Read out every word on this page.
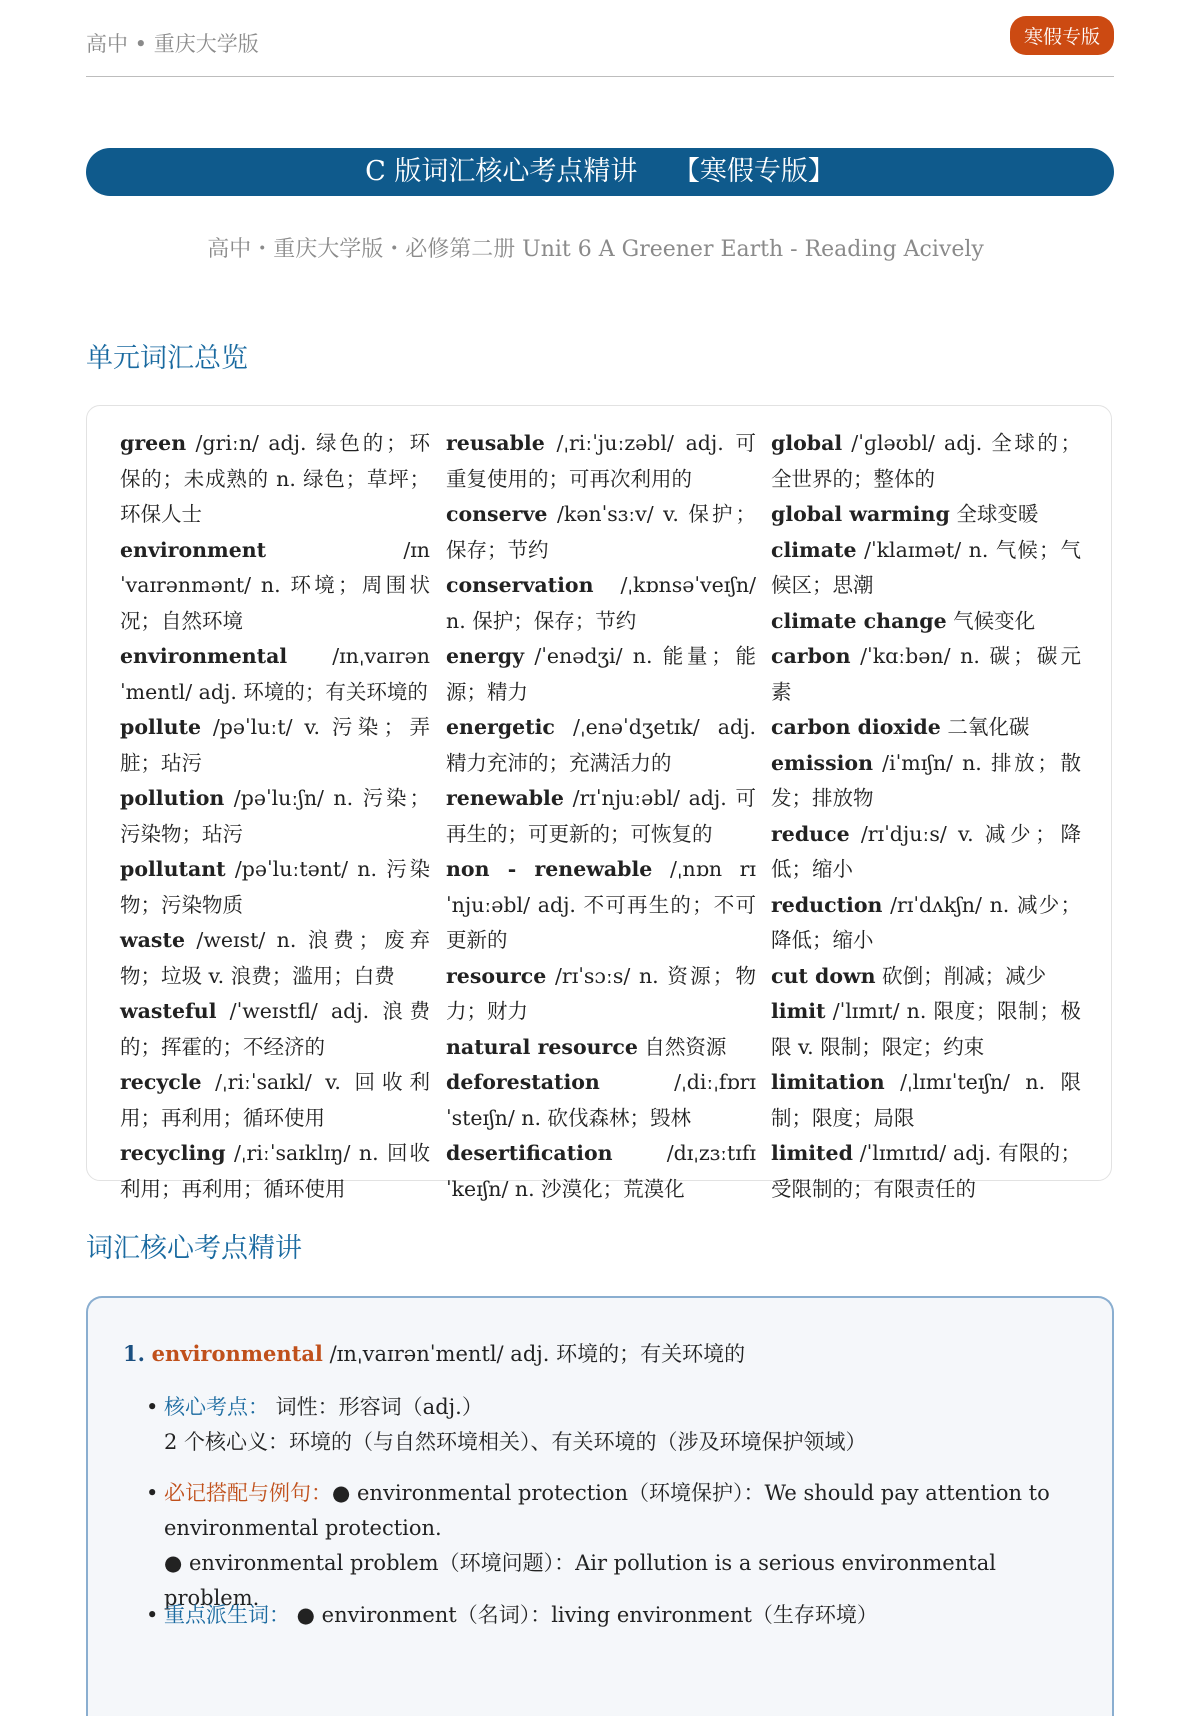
高中 • 重庆大学版	寒假专版
C 版词汇核心考点精讲　 【寒假专版】
高中・重庆大学版・必修第二册 Unit 6 A Greener Earth - Reading Acively
单元词汇总览
green /griːn/ adj. 绿色的；环保的；未成熟的 n. 绿色；草坪；环保人士
environment /ɪnˈvaɪrənmənt/ n. 环境；周围状况；自然环境
environmental /ɪnˌvaɪrənˈmentl/ adj. 环境的；有关环境的
pollute /pəˈluːt/ v. 污染；弄脏；玷污
pollution /pəˈluːʃn/ n. 污染；污染物；玷污
pollutant /pəˈluːtənt/ n. 污染物；污染物质
waste /weɪst/ n. 浪费；废弃物；垃圾 v. 浪费；滥用；白费
wasteful /ˈweɪstfl/ adj. 浪费的；挥霍的；不经济的
recycle /ˌriːˈsaɪkl/ v. 回收利用；再利用；循环使用
recycling /ˌriːˈsaɪklɪŋ/ n. 回收利用；再利用；循环使用
reusable /ˌriːˈjuːzəbl/ adj. 可重复使用的；可再次利用的
conserve /kənˈsɜːv/ v. 保护；保存；节约
conservation /ˌkɒnsəˈveɪʃn/ n. 保护；保存；节约
energy /ˈenədʒi/ n. 能量；能源；精力
energetic /ˌenəˈdʒetɪk/ adj. 精力充沛的；充满活力的
renewable /rɪˈnjuːəbl/ adj. 可再生的；可更新的；可恢复的
non - renewable /ˌnɒn rɪˈnjuːəbl/ adj. 不可再生的；不可更新的
resource /rɪˈsɔːs/ n. 资源；物力；财力
natural resource 自然资源
deforestation /ˌdiːˌfɒrɪˈsteɪʃn/ n. 砍伐森林；毁林
desertification /dɪˌzɜːtɪfɪˈkeɪʃn/ n. 沙漠化；荒漠化
global /ˈɡləʊbl/ adj. 全球的；全世界的；整体的
global warming 全球变暖
climate /ˈklaɪmət/ n. 气候；气候区；思潮
climate change 气候变化
carbon /ˈkɑːbən/ n. 碳；碳元素
carbon dioxide 二氧化碳
emission /iˈmɪʃn/ n. 排放；散发；排放物
reduce /rɪˈdjuːs/ v. 减少；降低；缩小
reduction /rɪˈdʌkʃn/ n. 减少；降低；缩小
cut down 砍倒；削减；减少
limit /ˈlɪmɪt/ n. 限度；限制；极限 v. 限制；限定；约束
limitation /ˌlɪmɪˈteɪʃn/ n. 限制；限度；局限
limited /ˈlɪmɪtɪd/ adj. 有限的；受限制的；有限责任的
词汇核心考点精讲
1. environmental /ɪnˌvaɪrənˈmentl/ adj. 环境的；有关环境的
• 核心考点： 词性：形容词（adj.）
2 个核心义：环境的（与自然环境相关）、有关环境的（涉及环境保护领域）
• 必记搭配与例句：● environmental protection（环境保护）：We should pay attention to environmental protection.
● environmental problem（环境问题）：Air pollution is a serious environmental problem.
• 重点派生词： ● environment（名词）：living environment（生存环境）
